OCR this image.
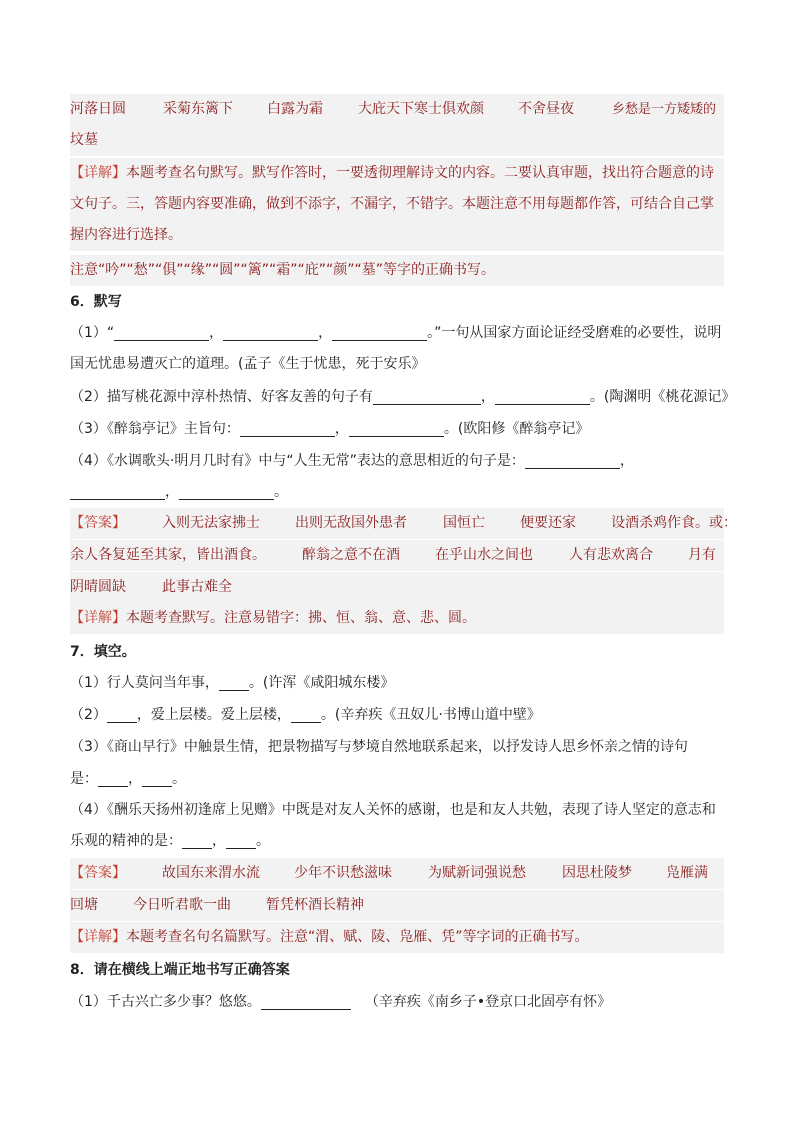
河落日圆	采菊东篱下 白露为霜	大庇天下寒士俱欢颜 不舍昼夜	乡愁是一方矮矮的
坟墓
【详解】本题考查名句默写。默写作答时，一要透彻理解诗文的内容。二要认真审题，找出符合题意的诗
文句子。三，答题内容要准确，做到不添字，不漏字，不错字。本题注意不用每题都作答，可结合自己掌
握内容进行选择。
注意“吟”“愁”“俱”“缘”“圆”“篱”“霜”“庇”“颜”“墓”等字的正确书写。
6．默写
（1）“	，	，	。”一句从国家方面论证经受磨难的必要性，说明
国无忧患易遭灭亡的道理。(孟子《生于忧患，死于安乐》
（2）描写桃花源中淳朴热情、好客友善的句子有	，	。(陶渊明《桃花源记》
（3）《醉翁亭记》主旨句：	，	。(欧阳修《醉翁亭记》
（4）《水调歌头·明月几时有》中与“人生无常”表达的意思相近的句子是：	，
，	。
【答案】	入则无法家拂士	出则无敌国外患者	国恒亡	便要还家	设酒杀鸡作食。或：
余人各复延至其家，皆出酒食。	醉翁之意不在酒	在乎山水之间也	人有悲欢离合	月有
阴晴圆缺	此事古难全
【详解】本题考查默写。注意易错字：拂、恒、翁、意、悲、圆。
7．填空。
（1）行人莫问当年事， 。(许浑《咸阳城东楼》
（2） ，爱上层楼。爱上层楼， 。(辛弃疾《丑奴儿·书博山道中壁》
（3）《商山早行》中触景生情，把景物描写与梦境自然地联系起来，以抒发诗人思乡怀亲之情的诗句
是： ， 。
（4）《酬乐天扬州初逢席上见赠》中既是对友人关怀的感谢，也是和友人共勉，表现了诗人坚定的意志和
乐观的精神的是： ， 。
【答案】	故国东来渭水流 少年不识愁滋味	为赋新词强说愁	因思杜陵梦 凫雁满
回塘	今日听君歌一曲	暂凭杯酒长精神
【详解】本题考查名句名篇默写。注意“渭、赋、陵、凫雁、凭”等字词的正确书写。
8．请在横线上端正地书写正确答案
（1）千古兴亡多少事？悠悠。	（辛弃疾《南乡子•登京口北固亭有怀》
